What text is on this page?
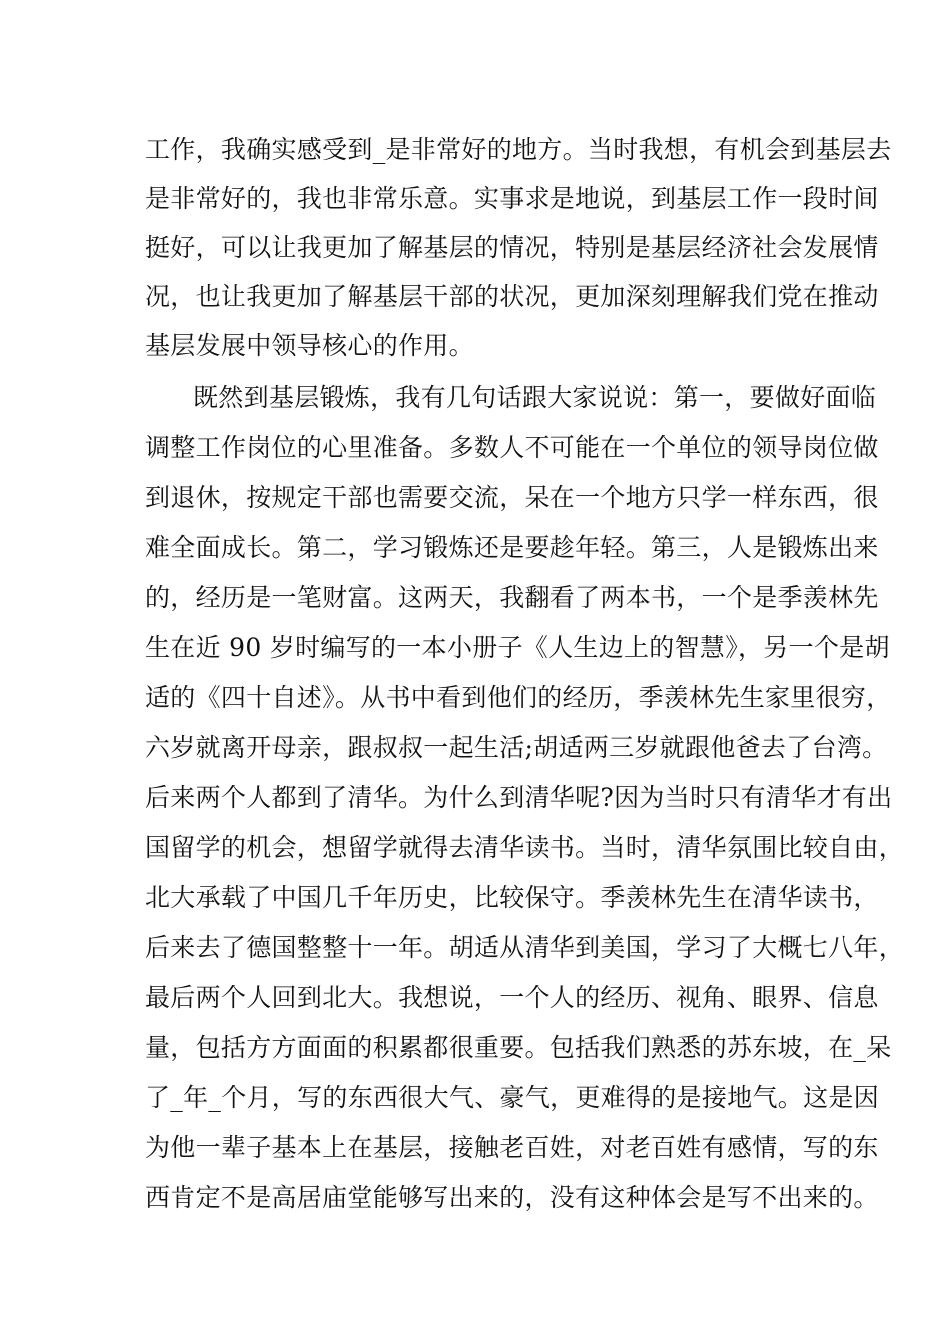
工作，我确实感受到_是非常好的地方。当时我想，有机会到基层去
是非常好的，我也非常乐意。实事求是地说，到基层工作一段时间
挺好，可以让我更加了解基层的情况，特别是基层经济社会发展情
况，也让我更加了解基层干部的状况，更加深刻理解我们党在推动
基层发展中领导核心的作用。
既然到基层锻炼，我有几句话跟大家说说：第一，要做好面临
调整工作岗位的心里准备。多数人不可能在一个单位的领导岗位做
到退休，按规定干部也需要交流，呆在一个地方只学一样东西，很
难全面成长。第二，学习锻炼还是要趁年轻。第三，人是锻炼出来
的，经历是一笔财富。这两天，我翻看了两本书，一个是季羡林先
生在近 90 岁时编写的一本小册子《人生边上的智慧》，另一个是胡
适的《四十自述》。从书中看到他们的经历，季羡林先生家里很穷，
六岁就离开母亲，跟叔叔一起生活;胡适两三岁就跟他爸去了台湾。
后来两个人都到了清华。为什么到清华呢?因为当时只有清华才有出
国留学的机会，想留学就得去清华读书。当时，清华氛围比较自由，
北大承载了中国几千年历史，比较保守。季羡林先生在清华读书，
后来去了德国整整十一年。胡适从清华到美国，学习了大概七八年，
最后两个人回到北大。我想说，一个人的经历、视角、眼界、信息
量，包括方方面面的积累都很重要。包括我们熟悉的苏东坡，在_呆
了_年_个月，写的东西很大气、豪气，更难得的是接地气。这是因
为他一辈子基本上在基层，接触老百姓，对老百姓有感情，写的东
西肯定不是高居庙堂能够写出来的，没有这种体会是写不出来的。
